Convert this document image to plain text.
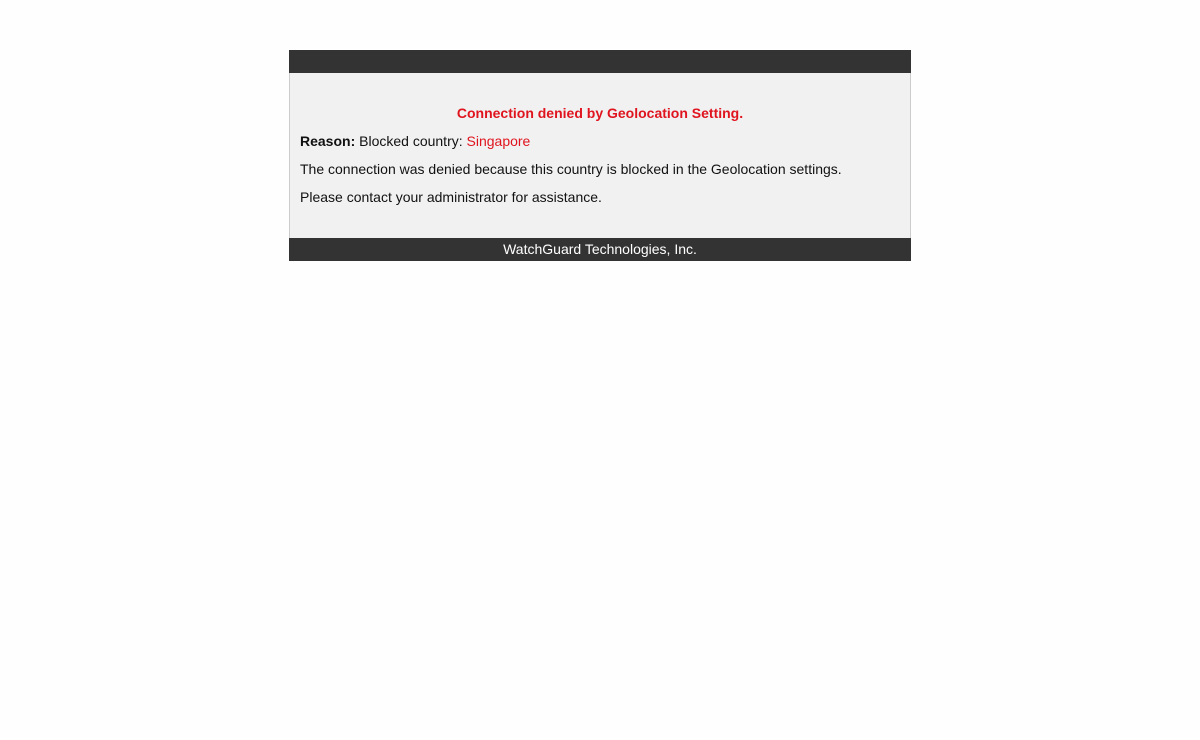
Connection denied by Geolocation Setting.
Reason: Blocked country: Singapore
The connection was denied because this country is blocked in the Geolocation settings.
Please contact your administrator for assistance.
WatchGuard Technologies, Inc.
